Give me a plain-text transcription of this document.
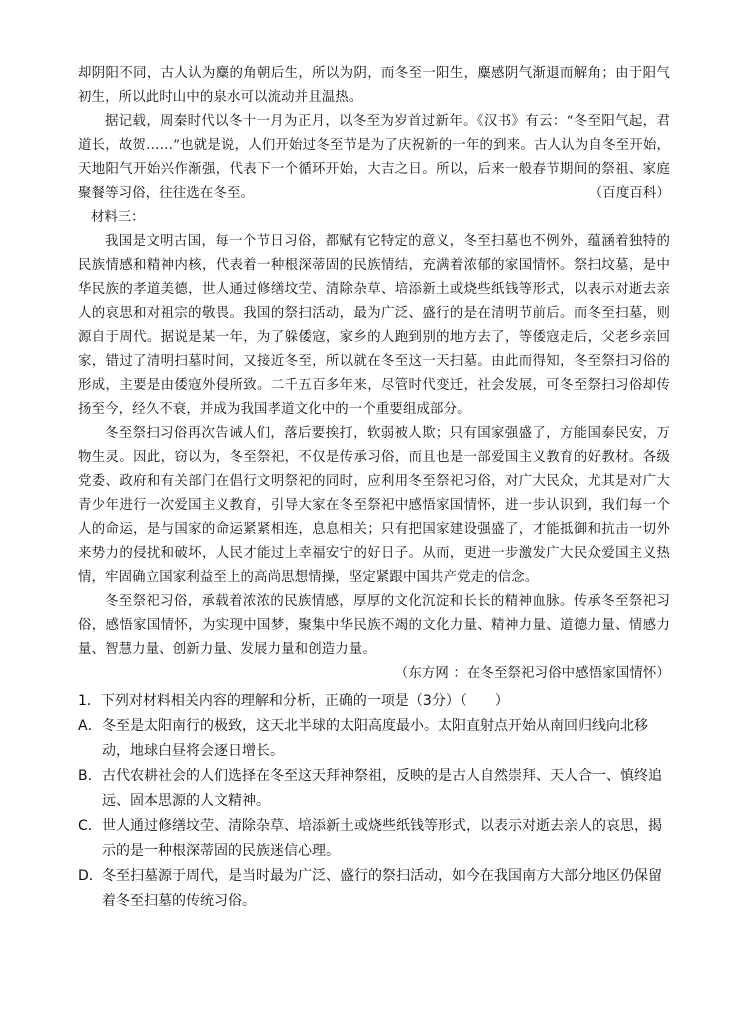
却阴阳不同，古人认为麋的角朝后生，所以为阴，而冬至一阳生，麋感阴气渐退而解角；由于阳气初生，所以此时山中的泉水可以流动并且温热。

据记载，周秦时代以冬十一月为正月，以冬至为岁首过新年。《汉书》有云：“冬至阳气起，君道长，故贺……”也就是说，人们开始过冬至节是为了庆祝新的一年的到来。古人认为自冬至开始，天地阳气开始兴作渐强，代表下一个循环开始，大吉之日。所以，后来一般春节期间的祭祖、家庭聚餐等习俗，往往选在冬至。	（百度百科）

材料三：

我国是文明古国，每一个节日习俗，都赋有它特定的意义，冬至扫墓也不例外，蕴涵着独特的民族情感和精神内核，代表着一种根深蒂固的民族情结，充满着浓郁的家国情怀。祭扫坟墓，是中华民族的孝道美德，世人通过修缮坟茔、清除杂草、培添新土或烧些纸钱等形式，以表示对逝去亲人的哀思和对祖宗的敬畏。我国的祭扫活动，最为广泛、盛行的是在清明节前后。而冬至扫墓，则源自于周代。据说是某一年，为了躲倭寇，家乡的人跑到别的地方去了，等倭寇走后，父老乡亲回家，错过了清明扫墓时间，又接近冬至，所以就在冬至这一天扫墓。由此而得知，冬至祭扫习俗的形成，主要是由倭寇外侵所致。二千五百多年来，尽管时代变迁，社会发展，可冬至祭扫习俗却传扬至今，经久不衰，并成为我国孝道文化中的一个重要组成部分。

冬至祭扫习俗再次告诫人们，落后要挨打，软弱被人欺；只有国家强盛了，方能国泰民安，万物生灵。因此，窃以为，冬至祭祀，不仅是传承习俗，而且也是一部爱国主义教育的好教材。各级党委、政府和有关部门在倡行文明祭祀的同时，应利用冬至祭祀习俗，对广大民众，尤其是对广大青少年进行一次爱国主义教育，引导大家在冬至祭祀中感悟家国情怀，进一步认识到，我们每一个人的命运，是与国家的命运紧紧相连，息息相关；只有把国家建设强盛了，才能抵御和抗击一切外来势力的侵扰和破坏，人民才能过上幸福安宁的好日子。从而，更进一步激发广大民众爱国主义热情，牢固确立国家利益至上的高尚思想情操，坚定紧跟中国共产党走的信念。

冬至祭祀习俗，承载着浓浓的民族情感，厚厚的文化沉淀和长长的精神血脉。传承冬至祭祀习俗，感悟家国情怀，为实现中国梦，聚集中华民族不竭的文化力量、精神力量、道德力量、情感力量、智慧力量、创新力量、发展力量和创造力量。

（东方网 ：在冬至祭祀习俗中感悟家国情怀）

1．下列对材料相关内容的理解和分析，正确的一项是（3分）（　　）

A．冬至是太阳南行的极致，这天北半球的太阳高度最小。太阳直射点开始从南回归线向北移动，地球白昼将会逐日增长。

B．古代农耕社会的人们选择在冬至这天拜神祭祖，反映的是古人自然崇拜、天人合一、慎终追远、固本思源的人文精神。

C．世人通过修缮坟茔、清除杂草、培添新土或烧些纸钱等形式，以表示对逝去亲人的哀思，揭示的是一种根深蒂固的民族迷信心理。

D．冬至扫墓源于周代，是当时最为广泛、盛行的祭扫活动，如今在我国南方大部分地区仍保留着冬至扫墓的传统习俗。
